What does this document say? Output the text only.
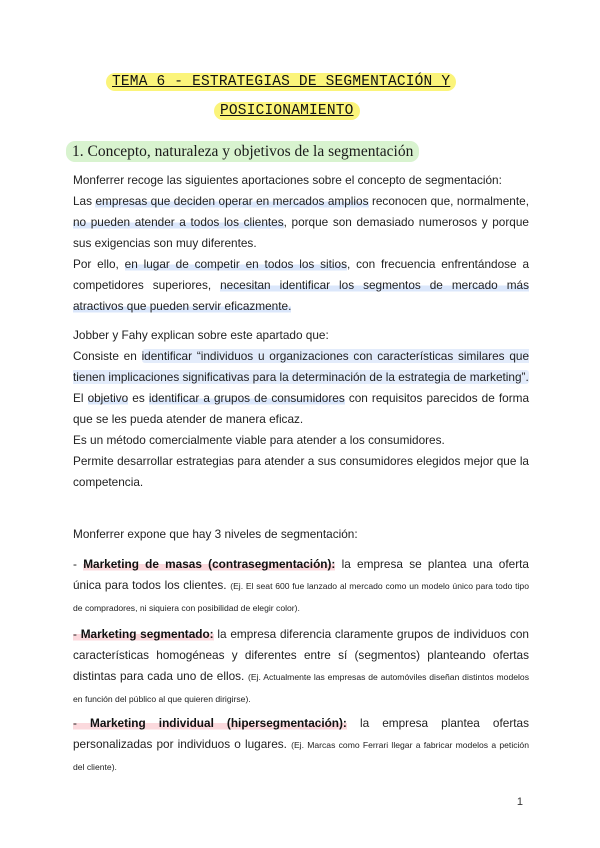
TEMA 6 - ESTRATEGIAS DE SEGMENTACIÓN Y
POSICIONAMIENTO
1. Concepto, naturaleza y objetivos de la segmentación
Monferrer recoge las siguientes aportaciones sobre el concepto de segmentación:
Las empresas que deciden operar en mercados amplios reconocen que, normalmente, no pueden atender a todos los clientes, porque son demasiado numerosos y porque sus exigencias son muy diferentes.
Por ello, en lugar de competir en todos los sitios, con frecuencia enfrentándose a competidores superiores, necesitan identificar los segmentos de mercado más atractivos que pueden servir eficazmente.
Jobber y Fahy explican sobre este apartado que:
Consiste en identificar “individuos u organizaciones con características similares que tienen implicaciones significativas para la determinación de la estrategia de marketing”.
El objetivo es identificar a grupos de consumidores con requisitos parecidos de forma que se les pueda atender de manera eficaz.
Es un método comercialmente viable para atender a los consumidores.
Permite desarrollar estrategias para atender a sus consumidores elegidos mejor que la competencia.
Monferrer expone que hay 3 niveles de segmentación:
- Marketing de masas (contrasegmentación): la empresa se plantea una oferta única para todos los clientes. (Ej. El seat 600 fue lanzado al mercado como un modelo único para todo tipo de compradores, ni siquiera con posibilidad de elegir color).
- Marketing segmentado: la empresa diferencia claramente grupos de individuos con características homogéneas y diferentes entre sí (segmentos) planteando ofertas distintas para cada uno de ellos. (Ej. Actualmente las empresas de automóviles diseñan distintos modelos en función del público al que quieren dirigirse).
- Marketing individual (hipersegmentación): la empresa plantea ofertas personalizadas por individuos o lugares. (Ej. Marcas como Ferrari llegar a fabricar modelos a petición del cliente).
1
